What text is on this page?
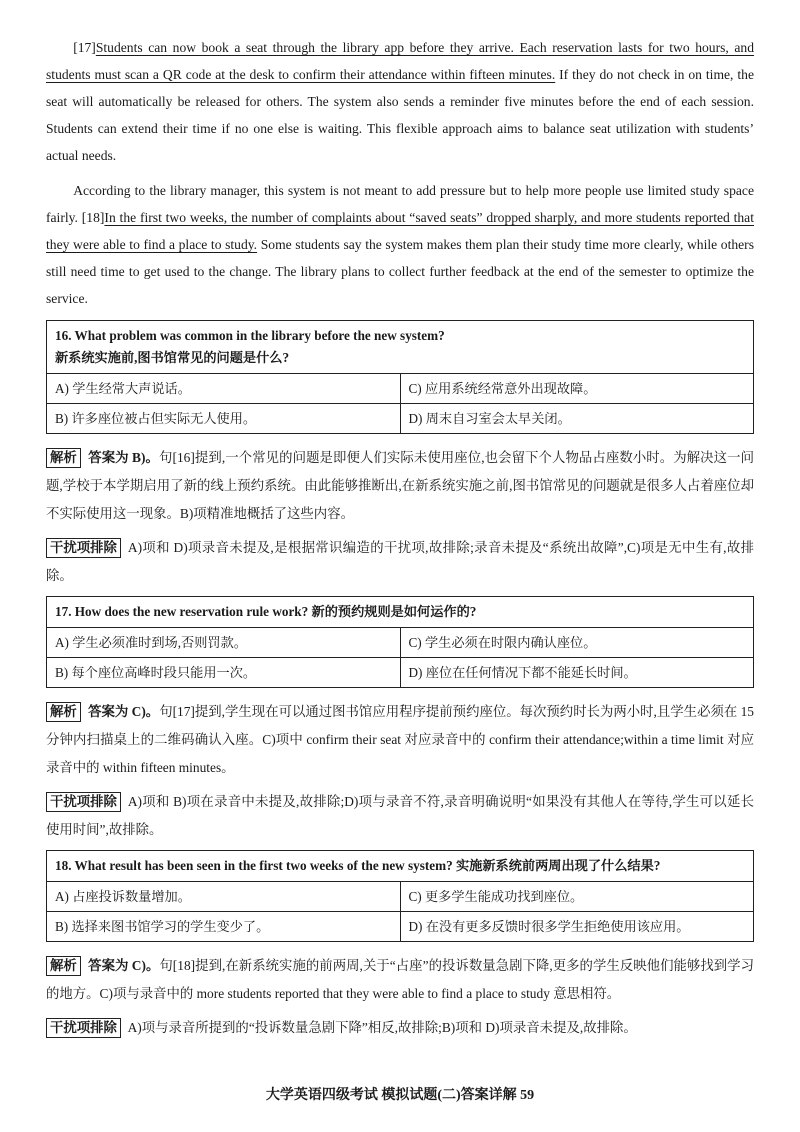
[17]Students can now book a seat through the library app before they arrive. Each reservation lasts for two hours, and students must scan a QR code at the desk to confirm their attendance within fifteen minutes. If they do not check in on time, the seat will automatically be released for others. The system also sends a reminder five minutes before the end of each session. Students can extend their time if no one else is waiting. This flexible approach aims to balance seat utilization with students’ actual needs.

According to the library manager, this system is not meant to add pressure but to help more people use limited study space fairly. [18]In the first two weeks, the number of complaints about “saved seats” dropped sharply, and more students reported that they were able to find a place to study. Some students say the system makes them plan their study time more clearly, while others still need time to get used to the change. The library plans to collect further feedback at the end of the semester to optimize the service.

16. What problem was common in the library before the new system?
新系统实施前,图书馆常见的问题是什么?
A) 学生经常大声说话。	C) 应用系统经常意外出现故障。
B) 许多座位被占但实际无人使用。	D) 周末自习室会太早关闭。

解析 答案为 B)。句[16]提到,一个常见的问题是即便人们实际未使用座位,也会留下个人物品占座数小时。为解决这一问题,学校于本学期启用了新的线上预约系统。由此能够推断出,在新系统实施之前,图书馆常见的问题就是很多人占着座位却不实际使用这一现象。B)项精准地概括了这些内容。

干扰项排除 A)项和 D)项录音未提及,是根据常识编造的干扰项,故排除;录音未提及“系统出故障”,C)项是无中生有,故排除。

17. How does the new reservation rule work? 新的预约规则是如何运作的?
A) 学生必须准时到场,否则罚款。	C) 学生必须在时限内确认座位。
B) 每个座位高峰时段只能用一次。	D) 座位在任何情况下都不能延长时间。

解析 答案为 C)。句[17]提到,学生现在可以通过图书馆应用程序提前预约座位。每次预约时长为两小时,且学生必须在 15 分钟内扫描桌上的二维码确认入座。C)项中 confirm their seat 对应录音中的 confirm their attendance;within a time limit 对应录音中的 within fifteen minutes。

干扰项排除 A)项和 B)项在录音中未提及,故排除;D)项与录音不符,录音明确说明“如果没有其他人在等待,学生可以延长使用时间”,故排除。

18. What result has been seen in the first two weeks of the new system? 实施新系统前两周出现了什么结果?
A) 占座投诉数量增加。	C) 更多学生能成功找到座位。
B) 选择来图书馆学习的学生变少了。	D) 在没有更多反馈时很多学生拒绝使用该应用。

解析 答案为 C)。句[18]提到,在新系统实施的前两周,关于“占座”的投诉数量急剧下降,更多的学生反映他们能够找到学习的地方。C)项与录音中的 more students reported that they were able to find a place to study 意思相符。

干扰项排除 A)项与录音所提到的“投诉数量急剧下降”相反,故排除;B)项和 D)项录音未提及,故排除。

大学英语四级考试 模拟试题(二)答案详解 59
